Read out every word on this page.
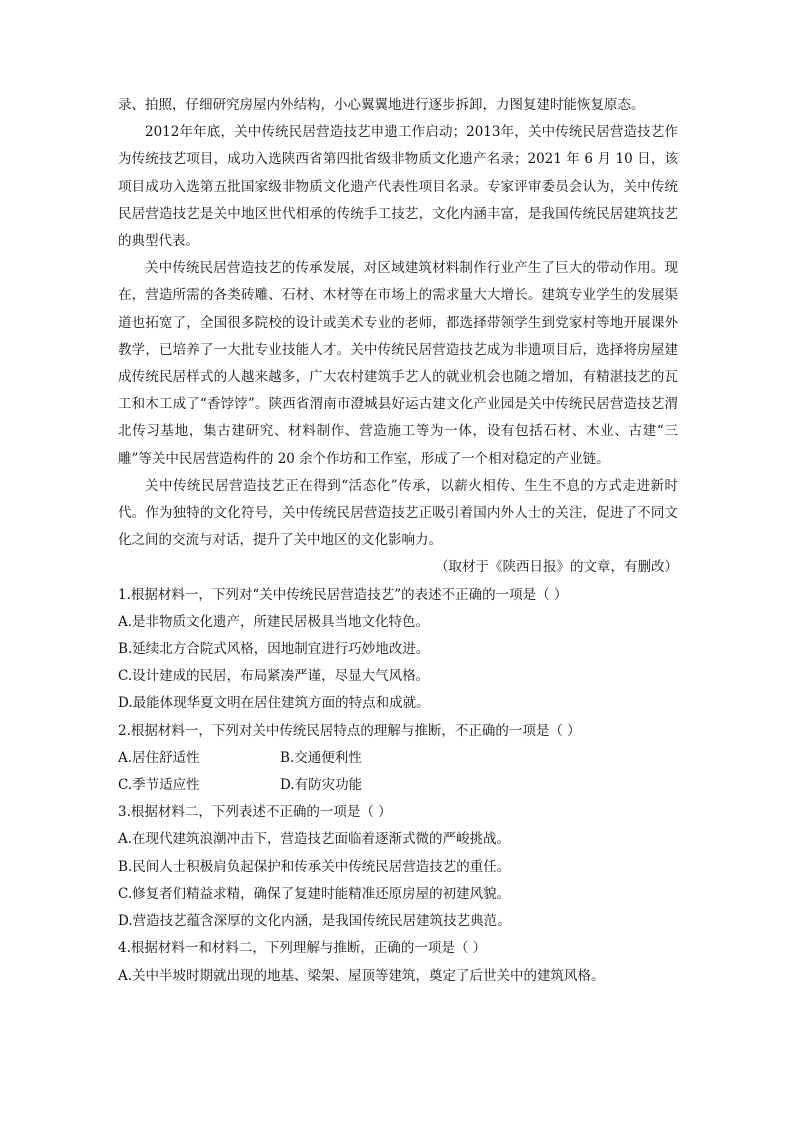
录、拍照，仔细研究房屋内外结构，小心翼翼地进行逐步拆卸，力图复建时能恢复原态。

2012年年底，关中传统民居营造技艺申遗工作启动；2013年，关中传统民居营造技艺作为传统技艺项目，成功入选陕西省第四批省级非物质文化遗产名录；2021 年 6 月 10 日，该项目成功入选第五批国家级非物质文化遗产代表性项目名录。专家评审委员会认为，关中传统民居营造技艺是关中地区世代相承的传统手工技艺，文化内涵丰富，是我国传统民居建筑技艺的典型代表。

关中传统民居营造技艺的传承发展，对区域建筑材料制作行业产生了巨大的带动作用。现在，营造所需的各类砖雕、石材、木材等在市场上的需求量大大增长。建筑专业学生的发展渠道也拓宽了，全国很多院校的设计或美术专业的老师，都选择带领学生到党家村等地开展课外教学，已培养了一大批专业技能人才。关中传统民居营造技艺成为非遗项目后，选择将房屋建成传统民居样式的人越来越多，广大农村建筑手艺人的就业机会也随之增加，有精湛技艺的瓦工和木工成了“香饽饽”。陕西省渭南市澄城县好运古建文化产业园是关中传统民居营造技艺渭北传习基地，集古建研究、材料制作、营造施工等为一体，设有包括石材、木业、古建“三雕”等关中民居营造构件的 20 余个作坊和工作室，形成了一个相对稳定的产业链。

关中传统民居营造技艺正在得到“活态化”传承，以薪火相传、生生不息的方式走进新时代。作为独特的文化符号，关中传统民居营造技艺正吸引着国内外人士的关注，促进了不同文化之间的交流与对话，提升了关中地区的文化影响力。

（取材于《陕西日报》的文章，有删改）

1.根据材料一，下列对“关中传统民居营造技艺”的表述不正确的一项是（ ）

A.是非物质文化遗产，所建民居极具当地文化特色。

B.延续北方合院式风格，因地制宜进行巧妙地改进。

C.设计建成的民居，布局紧凑严谨，尽显大气风格。

D.最能体现华夏文明在居住建筑方面的特点和成就。

2.根据材料一，下列对关中传统民居特点的理解与推断，不正确的一项是（ ）

A.居住舒适性	B.交通便利性
C.季节适应性	D.有防灾功能

3.根据材料二，下列表述不正确的一项是（ ）

A.在现代建筑浪潮冲击下，营造技艺面临着逐渐式微的严峻挑战。

B.民间人士积极肩负起保护和传承关中传统民居营造技艺的重任。

C.修复者们精益求精，确保了复建时能精准还原房屋的初建风貌。

D.营造技艺蕴含深厚的文化内涵，是我国传统民居建筑技艺典范。

4.根据材料一和材料二，下列理解与推断，正确的一项是（ ）

A.关中半坡时期就出现的地基、梁架、屋顶等建筑，奠定了后世关中的建筑风格。
